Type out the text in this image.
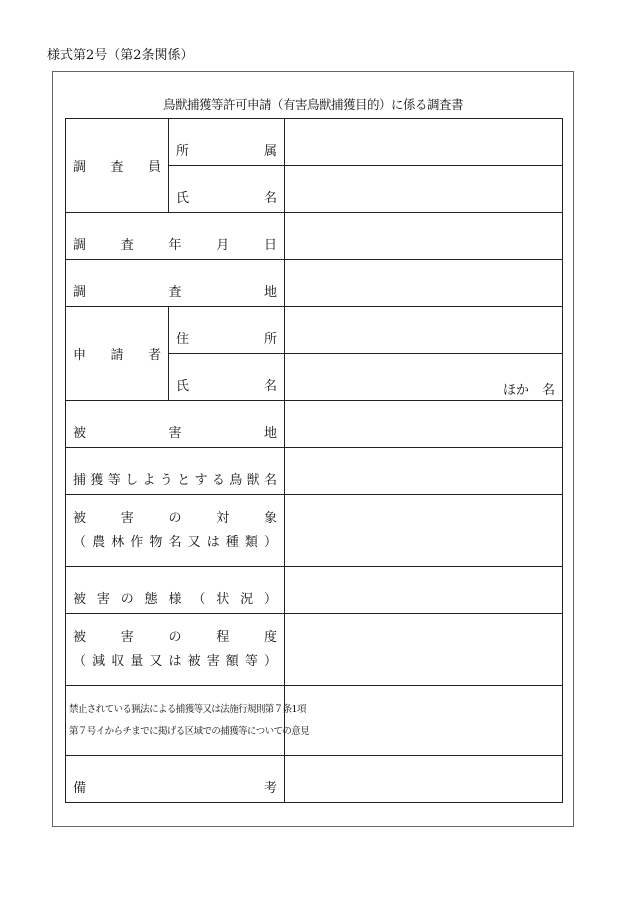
様式第2号（第2条関係）
鳥獣捕獲等許可申請（有害鳥獣捕獲目的）に係る調査書
調査員	所属	

	氏名	

調査年月日		

調査地		

申請者	住所	

	氏名	ほか　名

被害地		

捕獲等しようとする鳥獣名		

被害の対象
（農林作物名又は種類）		

被害の態様（状況）		

被害の程度
（減収量又は被害額等）		

禁止されている猟法による捕獲等又は法施行規則第７条1項
第７号イからチまでに掲げる区域での捕獲等についての意見		

備考		
